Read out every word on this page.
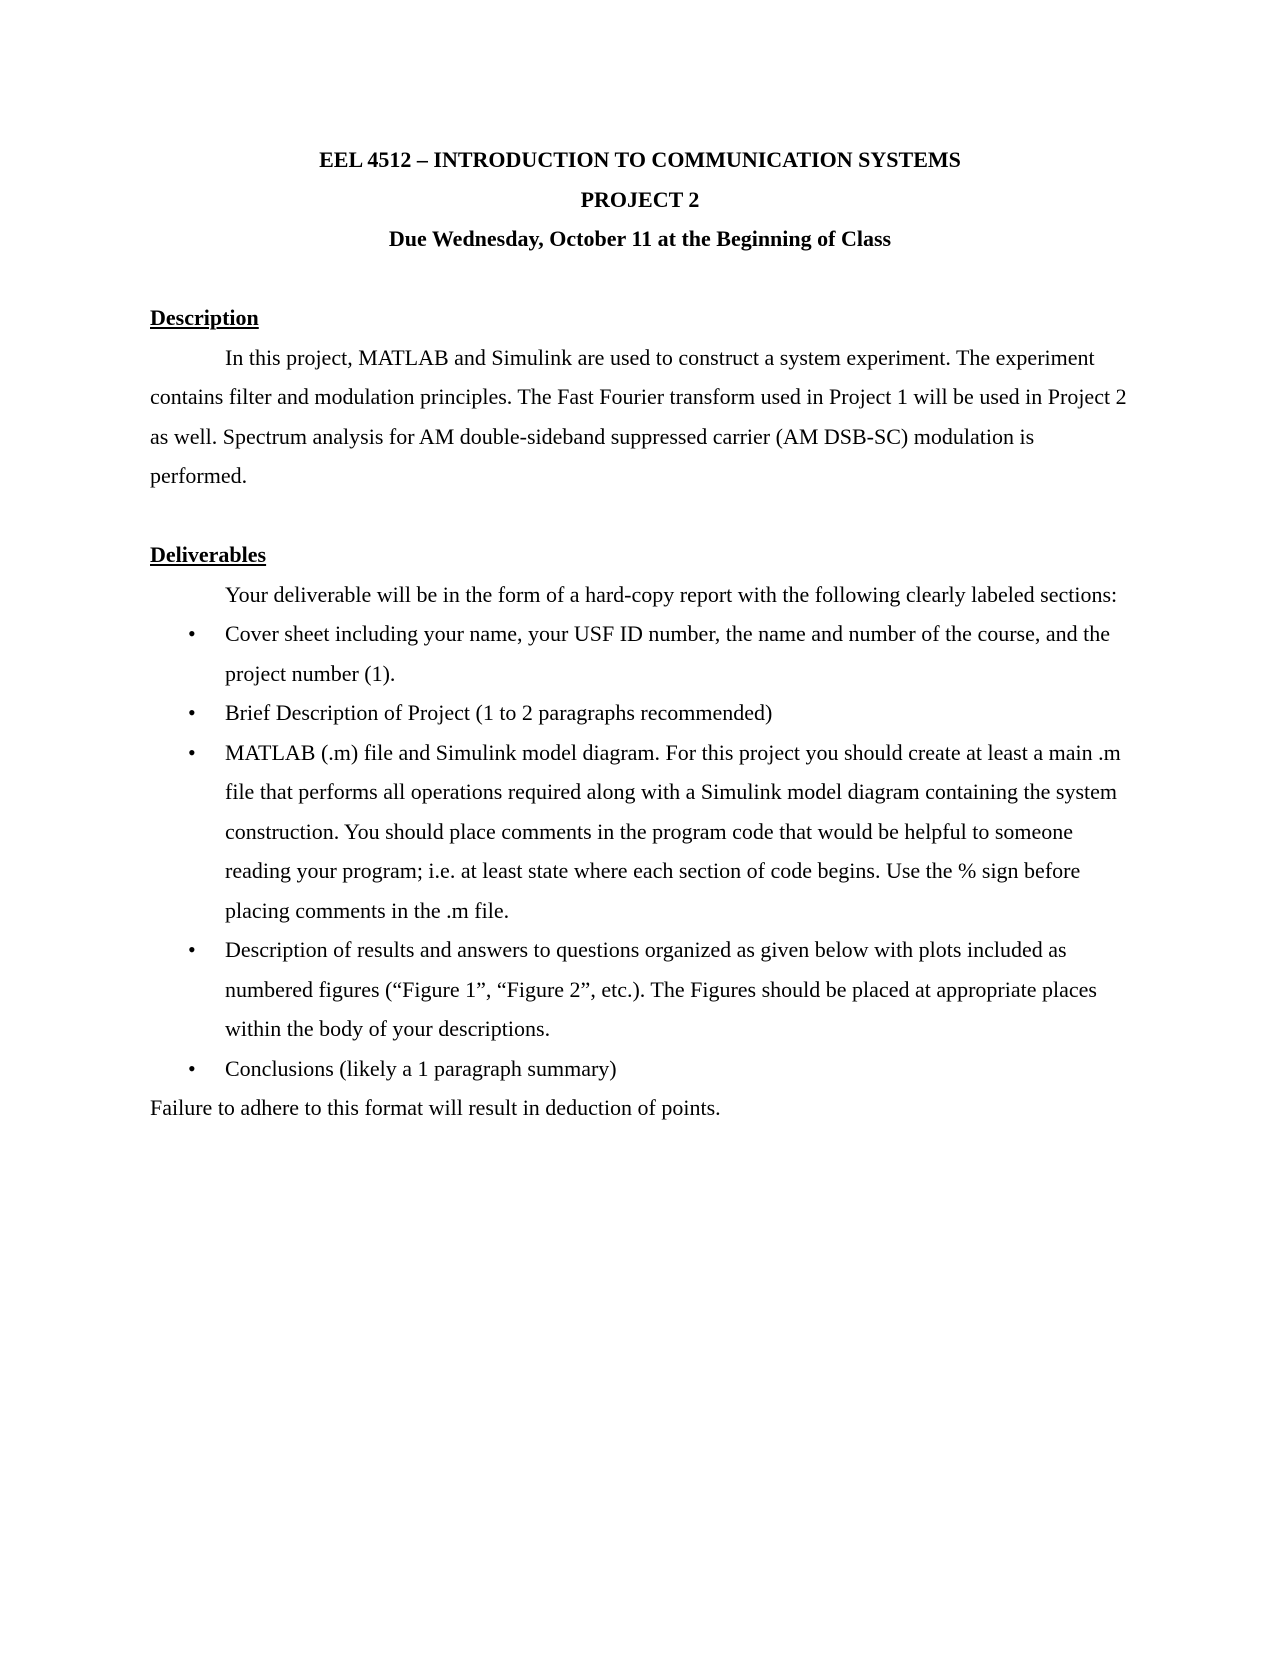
EEL 4512 – INTRODUCTION TO COMMUNICATION SYSTEMS

PROJECT 2

Due Wednesday, October 11 at the Beginning of Class

Description

In this project, MATLAB and Simulink are used to construct a system experiment. The experiment contains filter and modulation principles. The Fast Fourier transform used in Project 1 will be used in Project 2 as well. Spectrum analysis for AM double-sideband suppressed carrier (AM DSB-SC) modulation is performed.

Deliverables

Your deliverable will be in the form of a hard-copy report with the following clearly labeled sections:

• Cover sheet including your name, your USF ID number, the name and number of the course, and the project number (1).
• Brief Description of Project (1 to 2 paragraphs recommended)
• MATLAB (.m) file and Simulink model diagram. For this project you should create at least a main .m file that performs all operations required along with a Simulink model diagram containing the system construction. You should place comments in the program code that would be helpful to someone reading your program; i.e. at least state where each section of code begins. Use the % sign before placing comments in the .m file.
• Description of results and answers to questions organized as given below with plots included as numbered figures (“Figure 1”, “Figure 2”, etc.). The Figures should be placed at appropriate places within the body of your descriptions.
• Conclusions (likely a 1 paragraph summary)

Failure to adhere to this format will result in deduction of points.
